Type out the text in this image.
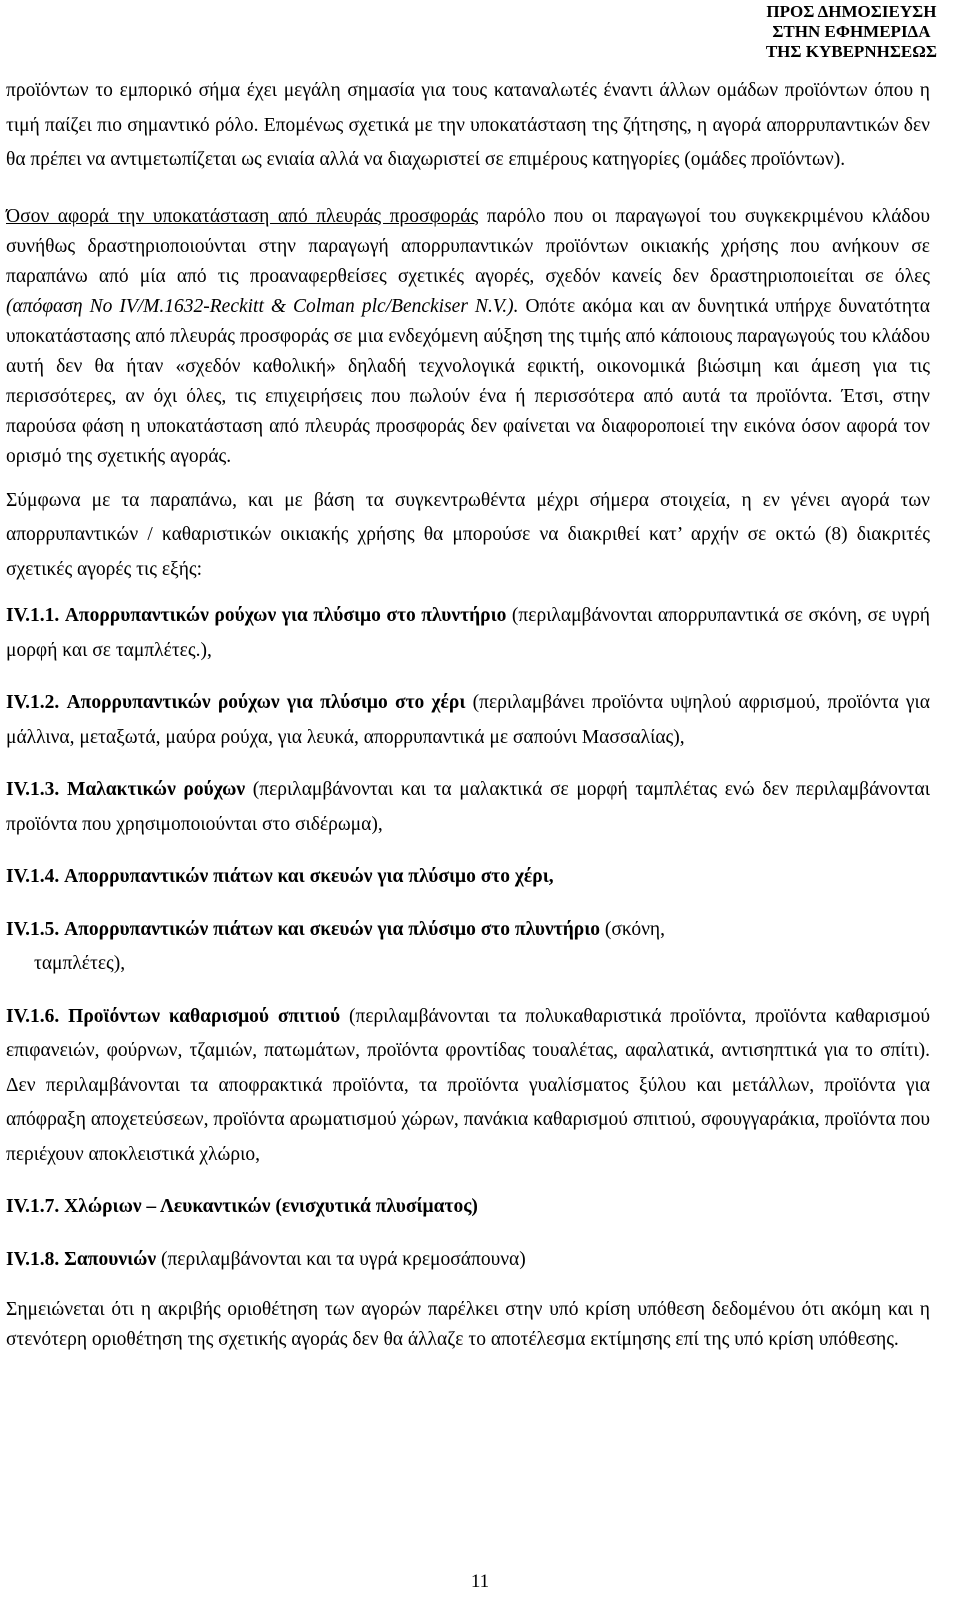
ΠΡΟΣ ΔΗΜΟΣΙΕΥΣΗ
ΣΤΗΝ ΕΦΗΜΕΡΙΔΑ
ΤΗΣ ΚΥΒΕΡΝΗΣΕΩΣ

προϊόντων το εμπορικό σήμα έχει μεγάλη σημασία για τους καταναλωτές έναντι άλλων ομάδων προϊόντων όπου η τιμή παίζει πιο σημαντικό ρόλο. Επομένως σχετικά με την υποκατάσταση της ζήτησης, η αγορά απορρυπαντικών δεν θα πρέπει να αντιμετωπίζεται ως ενιαία αλλά να διαχωριστεί σε επιμέρους κατηγορίες (ομάδες προϊόντων).

Όσον αφορά την υποκατάσταση από πλευράς προσφοράς παρόλο που οι παραγωγοί του συγκεκριμένου κλάδου συνήθως δραστηριοποιούνται στην παραγωγή απορρυπαντικών προϊόντων οικιακής χρήσης που ανήκουν σε παραπάνω από μία από τις προαναφερθείσες σχετικές αγορές, σχεδόν κανείς δεν δραστηριοποιείται σε όλες (απόφαση No IV/M.1632-Reckitt & Colman plc/Benckiser N.V.). Οπότε ακόμα και αν δυνητικά υπήρχε δυνατότητα υποκατάστασης από πλευράς προσφοράς σε μια ενδεχόμενη αύξηση της τιμής από κάποιους παραγωγούς του κλάδου αυτή δεν θα ήταν «σχεδόν καθολική» δηλαδή τεχνολογικά εφικτή, οικονομικά βιώσιμη και άμεση για τις περισσότερες, αν όχι όλες, τις επιχειρήσεις που πωλούν ένα ή περισσότερα από αυτά τα προϊόντα. Έτσι, στην παρούσα φάση η υποκατάσταση από πλευράς προσφοράς δεν φαίνεται να διαφοροποιεί την εικόνα όσον αφορά τον ορισμό της σχετικής αγοράς.

Σύμφωνα με τα παραπάνω, και με βάση τα συγκεντρωθέντα μέχρι σήμερα στοιχεία, η εν γένει αγορά των απορρυπαντικών / καθαριστικών οικιακής χρήσης θα μπορούσε να διακριθεί κατ’ αρχήν σε οκτώ (8) διακριτές σχετικές αγορές τις εξής:

IV.1.1. Απορρυπαντικών ρούχων για πλύσιμο στο πλυντήριο (περιλαμβάνονται απορρυπαντικά σε σκόνη, σε υγρή μορφή και σε ταμπλέτες.),

IV.1.2. Απορρυπαντικών ρούχων για πλύσιμο στο χέρι (περιλαμβάνει προϊόντα υψηλού αφρισμού, προϊόντα για μάλλινα, μεταξωτά, μαύρα ρούχα, για λευκά, απορρυπαντικά με σαπούνι Μασσαλίας),

IV.1.3. Μαλακτικών ρούχων (περιλαμβάνονται και τα μαλακτικά σε μορφή ταμπλέτας ενώ δεν περιλαμβάνονται προϊόντα που χρησιμοποιούνται στο σιδέρωμα),

IV.1.4. Απορρυπαντικών πιάτων και σκευών για πλύσιμο στο χέρι,

IV.1.5. Απορρυπαντικών πιάτων και σκευών για πλύσιμο στο πλυντήριο (σκόνη,
ταμπλέτες),

IV.1.6. Προϊόντων καθαρισμού σπιτιού (περιλαμβάνονται τα πολυκαθαριστικά προϊόντα, προϊόντα καθαρισμού επιφανειών, φούρνων, τζαμιών, πατωμάτων, προϊόντα φροντίδας τουαλέτας, αφαλατικά, αντισηπτικά για το σπίτι). Δεν περιλαμβάνονται τα αποφρακτικά προϊόντα, τα προϊόντα γυαλίσματος ξύλου και μετάλλων, προϊόντα για απόφραξη αποχετεύσεων, προϊόντα αρωματισμού χώρων, πανάκια καθαρισμού σπιτιού, σφουγγαράκια, προϊόντα που περιέχουν αποκλειστικά χλώριο,

IV.1.7. Χλώριων – Λευκαντικών (ενισχυτικά πλυσίματος)

IV.1.8. Σαπουνιών (περιλαμβάνονται και τα υγρά κρεμοσάπουνα)

Σημειώνεται ότι η ακριβής οριοθέτηση των αγορών παρέλκει στην υπό κρίση υπόθεση δεδομένου ότι ακόμη και η στενότερη οριοθέτηση της σχετικής αγοράς δεν θα άλλαζε το αποτέλεσμα εκτίμησης επί της υπό κρίση υπόθεσης.

11
